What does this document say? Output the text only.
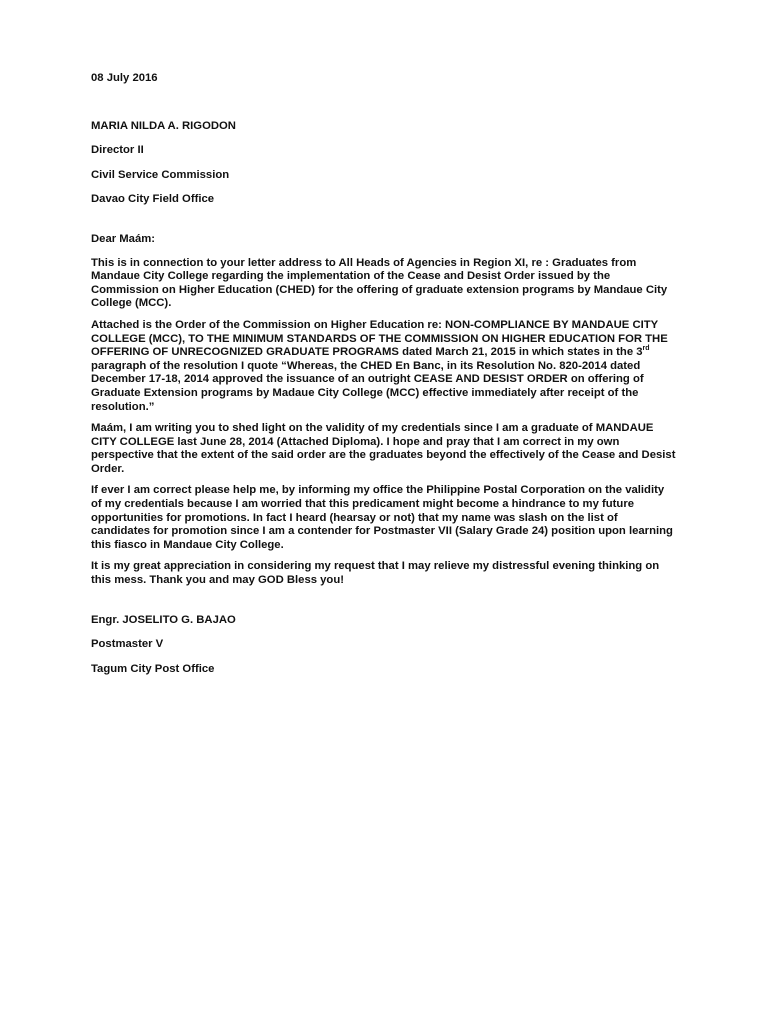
08 July 2016

MARIA NILDA A. RIGODON

Director II

Civil Service Commission

Davao City Field Office

Dear Maám:

This is in connection to your letter address to All Heads of Agencies in Region XI, re : Graduates from Mandaue City College regarding the implementation of the Cease and Desist Order issued by the Commission on Higher Education (CHED) for the offering of graduate extension programs by Mandaue City College (MCC).

Attached is the Order of the Commission on Higher Education re: NON-COMPLIANCE BY MANDAUE CITY COLLEGE (MCC), TO THE MINIMUM STANDARDS OF THE COMMISSION ON HIGHER EDUCATION FOR THE OFFERING OF UNRECOGNIZED GRADUATE PROGRAMS dated March 21, 2015 in which states in the 3rd paragraph of the resolution I quote “Whereas, the CHED En Banc, in its Resolution No. 820-2014 dated December 17-18, 2014 approved the issuance of an outright CEASE AND DESIST ORDER on offering of Graduate Extension programs by Madaue City College (MCC) effective immediately after receipt of the resolution.”

Maám, I am writing you to shed light on the validity of my credentials since I am a graduate of MANDAUE CITY COLLEGE last June 28, 2014 (Attached Diploma). I hope and pray that I am correct in my own perspective that the extent of the said order are the graduates beyond the effectively of the Cease and Desist Order.

If ever I am correct please help me, by informing my office the Philippine Postal Corporation on the validity of my credentials because I am worried that this predicament might become a hindrance to my future opportunities for promotions. In fact I heard (hearsay or not) that my name was slash on the list of candidates for promotion since I am a contender for Postmaster VII (Salary Grade 24) position upon learning this fiasco in Mandaue City College.

It is my great appreciation in considering my request that I may relieve my distressful evening thinking on this mess. Thank you and may GOD Bless you!

Engr. JOSELITO G. BAJAO

Postmaster V

Tagum City Post Office
